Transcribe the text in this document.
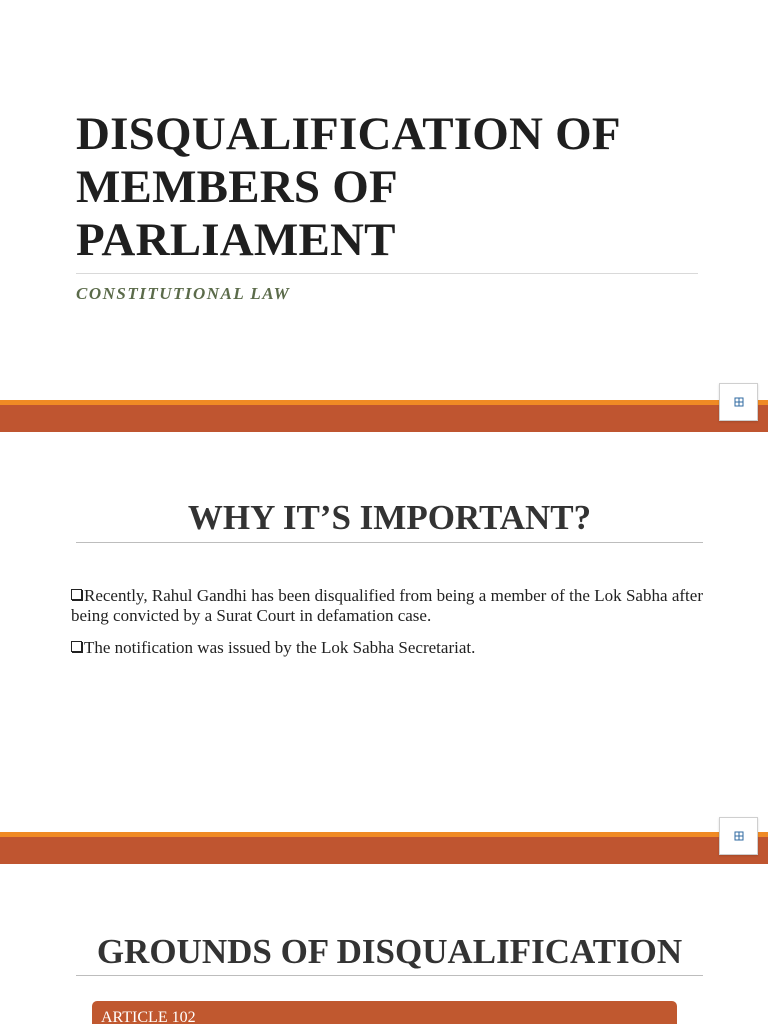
DISQUALIFICATION OF MEMBERS OF PARLIAMENT
CONSTITUTIONAL LAW
WHY IT’S IMPORTANT?
Recently, Rahul Gandhi has been disqualified from being a member of the Lok Sabha after being convicted by a Surat Court in defamation case.
The notification was issued by the Lok Sabha Secretariat.
GROUNDS OF DISQUALIFICATION
ARTICLE 102
